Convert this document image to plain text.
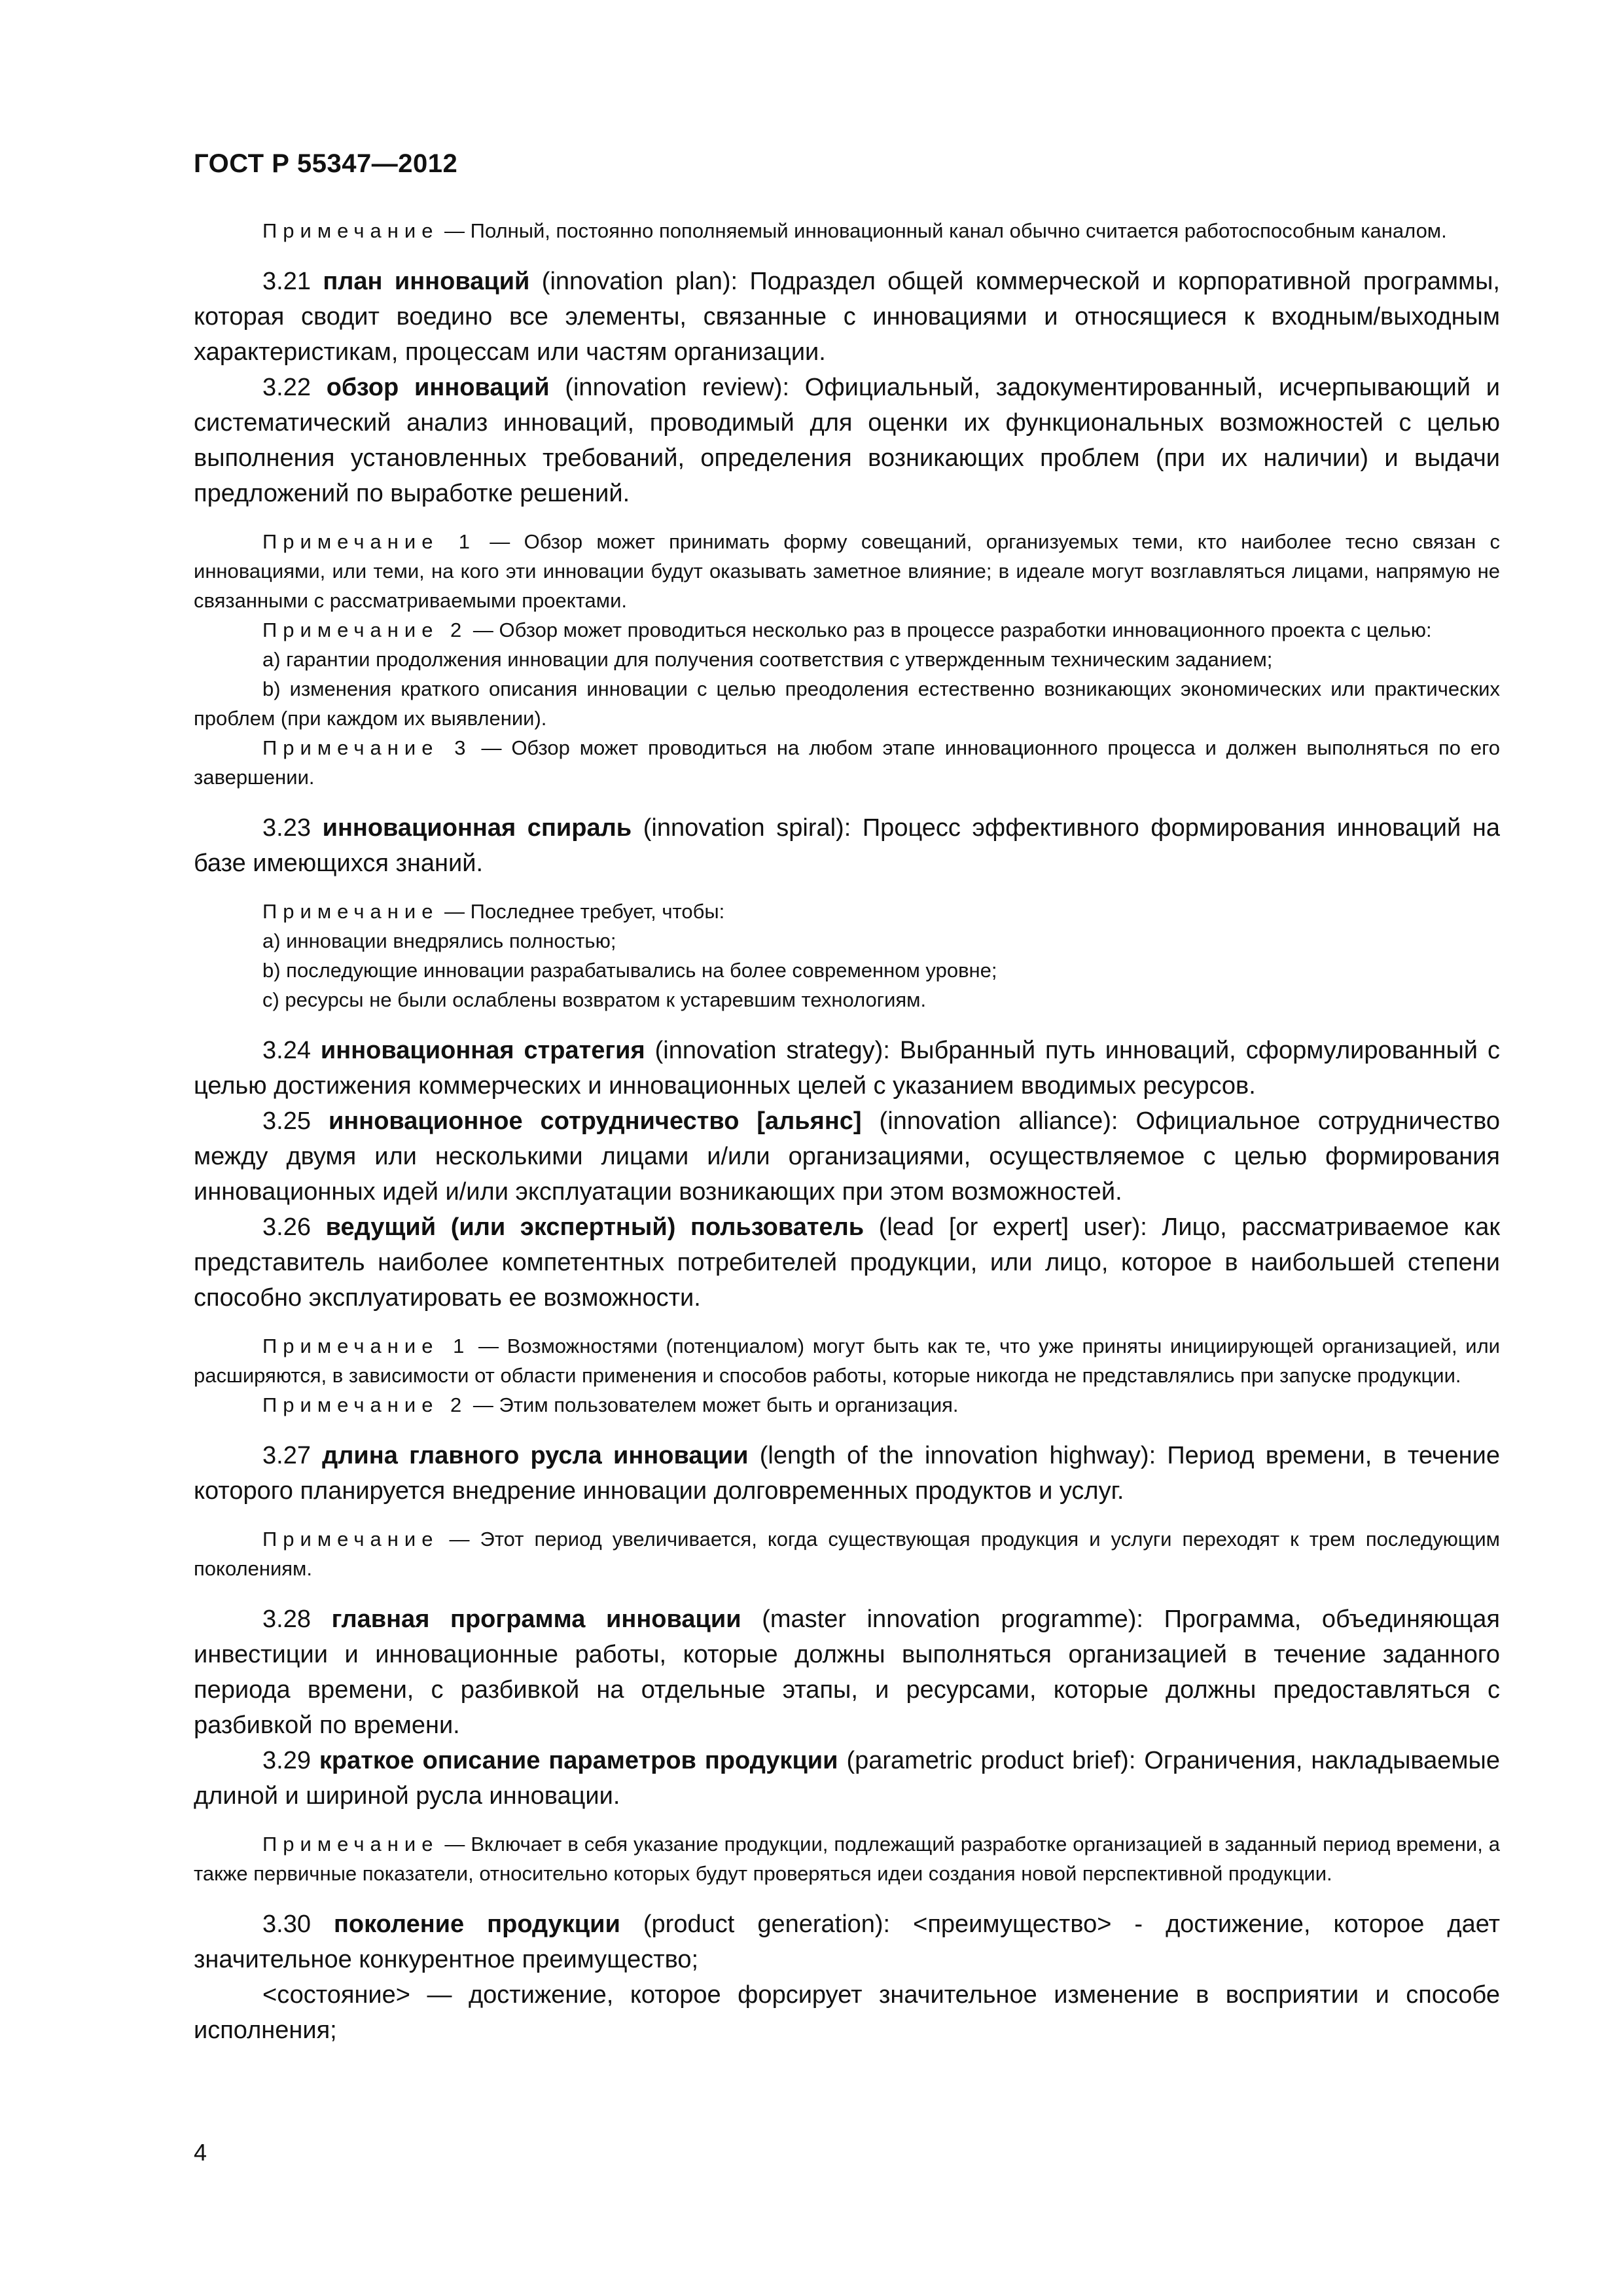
ГОСТ Р 55347—2012

Примечание — Полный, постоянно пополняемый инновационный канал обычно считается работоспособным каналом.

3.21 план инноваций (innovation plan): Подраздел общей коммерческой и корпоративной программы, которая сводит воедино все элементы, связанные с инновациями и относящиеся к входным/выходным характеристикам, процессам или частям организации.

3.22 обзор инноваций (innovation review): Официальный, задокументированный, исчерпывающий и систематический анализ инноваций, проводимый для оценки их функциональных возможностей с целью выполнения установленных требований, определения возникающих проблем (при их наличии) и выдачи предложений по выработке решений.

Примечание 1 — Обзор может принимать форму совещаний, организуемых теми, кто наиболее тесно связан с инновациями, или теми, на кого эти инновации будут оказывать заметное влияние; в идеале могут возглавляться лицами, напрямую не связанными с рассматриваемыми проектами.

Примечание 2 — Обзор может проводиться несколько раз в процессе разработки инновационного проекта с целью:

a) гарантии продолжения инновации для получения соответствия с утвержденным техническим заданием;

b) изменения краткого описания инновации с целью преодоления естественно возникающих экономических или практических проблем (при каждом их выявлении).

Примечание 3 — Обзор может проводиться на любом этапе инновационного процесса и должен выполняться по его завершении.

3.23 инновационная спираль (innovation spiral): Процесс эффективного формирования инноваций на базе имеющихся знаний.

Примечание — Последнее требует, чтобы:

a) инновации внедрялись полностью;

b) последующие инновации разрабатывались на более современном уровне;

c) ресурсы не были ослаблены возвратом к устаревшим технологиям.

3.24 инновационная стратегия (innovation strategy): Выбранный путь инноваций, сформулированный с целью достижения коммерческих и инновационных целей с указанием вводимых ресурсов.

3.25 инновационное сотрудничество [альянс] (innovation alliance): Официальное сотрудничество между двумя или несколькими лицами и/или организациями, осуществляемое с целью формирования инновационных идей и/или эксплуатации возникающих при этом возможностей.

3.26 ведущий (или экспертный) пользователь (lead [or expert] user): Лицо, рассматриваемое как представитель наиболее компетентных потребителей продукции, или лицо, которое в наибольшей степени способно эксплуатировать ее возможности.

Примечание 1 — Возможностями (потенциалом) могут быть как те, что уже приняты инициирующей организацией, или расширяются, в зависимости от области применения и способов работы, которые никогда не представлялись при запуске продукции.

Примечание 2 — Этим пользователем может быть и организация.

3.27 длина главного русла инновации (length of the innovation highway): Период времени, в течение которого планируется внедрение инновации долговременных продуктов и услуг.

Примечание — Этот период увеличивается, когда существующая продукция и услуги переходят к трем последующим поколениям.

3.28 главная программа инновации (master innovation programme): Программа, объединяющая инвестиции и инновационные работы, которые должны выполняться организацией в течение заданного периода времени, с разбивкой на отдельные этапы, и ресурсами, которые должны предоставляться с разбивкой по времени.

3.29 краткое описание параметров продукции (parametric product brief): Ограничения, накладываемые длиной и шириной русла инновации.

Примечание — Включает в себя указание продукции, подлежащий разработке организацией в заданный период времени, а также первичные показатели, относительно которых будут проверяться идеи создания новой перспективной продукции.

3.30 поколение продукции (product generation): <преимущество> - достижение, которое дает значительное конкурентное преимущество;

<состояние> — достижение, которое форсирует значительное изменение в восприятии и способе исполнения;

4
